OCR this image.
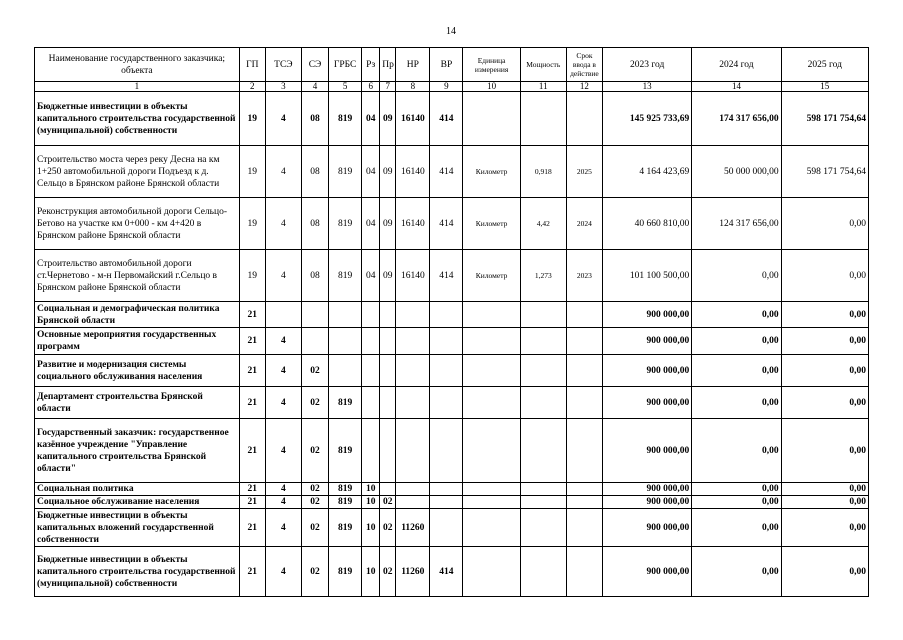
14
Наименование государственного заказчика; объекта	ГП	ТСЭ	СЭ	ГРБС	Рз	Пр	НР	ВР	Единица измерения	Мощность	Срок ввода в действие	2023 год	2024 год	2025 год
1	2	3	4	5	6	7	8	9	10	11	12	13	14	15
Бюджетные инвестиции в объекты капитального строительства государственной (муниципальной) собственности	19	4	08	819	04	09	16140	414				145 925 733,69	174 317 656,00	598 171 754,64
Строительство моста через реку Десна на км 1+250 автомобильной дороги Подъезд к д. Сельцо в Брянском районе Брянской области	19	4	08	819	04	09	16140	414	Километр	0,918	2025	4 164 423,69	50 000 000,00	598 171 754,64
Реконструкция автомобильной дороги Сельцо-Бетово на участке км 0+000 - км 4+420 в Брянском районе Брянской области	19	4	08	819	04	09	16140	414	Километр	4,42	2024	40 660 810,00	124 317 656,00	0,00
Строительство автомобильной дороги ст.Чернетово - м-н Первомайский г.Сельцо в Брянском районе Брянской области	19	4	08	819	04	09	16140	414	Километр	1,273	2023	101 100 500,00	0,00	0,00
Социальная и демографическая политика Брянской области	21											900 000,00	0,00	0,00
Основные мероприятия государственных программ	21	4										900 000,00	0,00	0,00
Развитие и модернизация системы социального обслуживания населения	21	4	02									900 000,00	0,00	0,00
Департамент строительства Брянской области	21	4	02	819								900 000,00	0,00	0,00
Государственный заказчик: государственное казённое учреждение "Управление капитального строительства Брянской области"	21	4	02	819								900 000,00	0,00	0,00
Социальная политика	21	4	02	819	10							900 000,00	0,00	0,00
Социальное обслуживание населения	21	4	02	819	10	02						900 000,00	0,00	0,00
Бюджетные инвестиции в объекты капитальных вложений государственной собственности	21	4	02	819	10	02	11260					900 000,00	0,00	0,00
Бюджетные инвестиции в объекты капитального строительства государственной (муниципальной) собственности	21	4	02	819	10	02	11260	414				900 000,00	0,00	0,00
